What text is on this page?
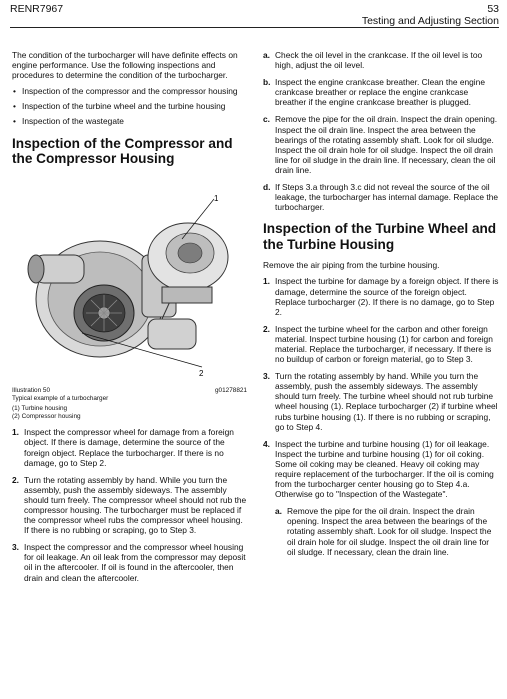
RENR7967	53
Testing and Adjusting Section

The condition of the turbocharger will have definite effects on engine performance. Use the following inspections and procedures to determine the condition of the turbocharger.

• Inspection of the compressor and the compressor housing
• Inspection of the turbine wheel and the turbine housing
• Inspection of the wastegate
Inspection of the Compressor and the Compressor Housing
1
2
Illustration 50	g01278821
Typical example of a turbocharger
(1) Turbine housing
(2) Compressor housing
1. Inspect the compressor wheel for damage from a foreign object. If there is damage, determine the source of the foreign object. Replace the turbocharger. If there is no damage, go to Step 2.
2. Turn the rotating assembly by hand. While you turn the assembly, push the assembly sideways. The assembly should turn freely. The compressor wheel should not rub the compressor housing. The turbocharger must be replaced if the compressor wheel rubs the compressor wheel housing. If there is no rubbing or scraping, go to Step 3.
3. Inspect the compressor and the compressor wheel housing for oil leakage. An oil leak from the compressor may deposit oil in the aftercooler. If oil is found in the aftercooler, then drain and clean the aftercooler.
a. Check the oil level in the crankcase. If the oil level is too high, adjust the oil level.
b. Inspect the engine crankcase breather. Clean the engine crankcase breather or replace the engine crankcase breather if the engine crankcase breather is plugged.
c. Remove the pipe for the oil drain. Inspect the drain opening. Inspect the oil drain line. Inspect the area between the bearings of the rotating assembly shaft. Look for oil sludge. Inspect the oil drain hole for oil sludge. Inspect the oil drain line for oil sludge in the drain line. If necessary, clean the oil drain line.
d. If Steps 3.a through 3.c did not reveal the source of the oil leakage, the turbocharger has internal damage. Replace the turbocharger.
Inspection of the Turbine Wheel and the Turbine Housing

Remove the air piping from the turbine housing.

1. Inspect the turbine for damage by a foreign object. If there is damage, determine the source of the foreign object. Replace turbocharger (2). If there is no damage, go to Step 2.
2. Inspect the turbine wheel for the carbon and other foreign material. Inspect turbine housing (1) for carbon and foreign material. Replace the turbocharger, if necessary. If there is no buildup of carbon or foreign material, go to Step 3.
3. Turn the rotating assembly by hand. While you turn the assembly, push the assembly sideways. The assembly should turn freely. The turbine wheel should not rub turbine wheel housing (1). Replace turbocharger (2) if turbine wheel rubs turbine housing (1). If there is no rubbing or scraping, go to Step 4.
4. Inspect the turbine and turbine housing (1) for oil leakage. Inspect the turbine and turbine housing (1) for oil coking. Some oil coking may be cleaned. Heavy oil coking may require replacement of the turbocharger. If the oil is coming from the turbocharger center housing go to Step 4.a. Otherwise go to "Inspection of the Wastegate".
a. Remove the pipe for the oil drain. Inspect the drain opening. Inspect the area between the bearings of the rotating assembly shaft. Look for oil sludge. Inspect the oil drain hole for oil sludge. Inspect the oil drain line for oil sludge. If necessary, clean the drain line.
